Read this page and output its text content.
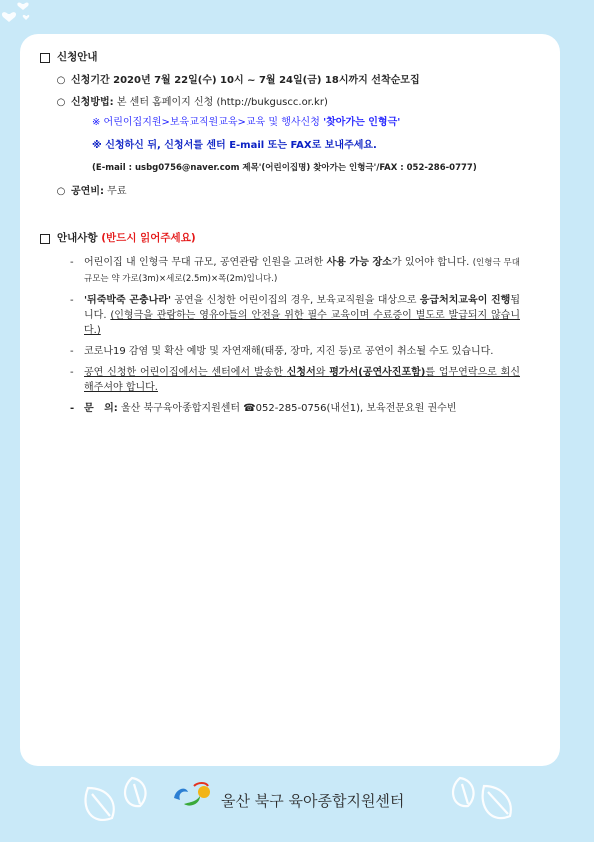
신청안내
○ 신청기간 2020년 7월 22일(수) 10시 ~ 7월 24일(금) 18시까지 선착순모집
○ 신청방법: 본 센터 홈페이지 신청 (http://bukguscc.or.kr)
※ 어린이집지원>보육교직원교육>교육 및 행사신청 '찾아가는 인형극'
※ 신청하신 뒤, 신청서를 센터 E-mail 또는 FAX로 보내주세요.
(E-mail : usbg0756@naver.com 제목'(어린이집명) 찾아가는 인형극'/FAX : 052-286-0777)
○ 공연비: 무료
안내사항
(반드시 읽어주세요)
-	어린이집 내 인형극 무대 규모, 공연관람 인원을 고려한 사용 가능 장소가 있어야 합니다. (인형극 무대 규모는 약 가로(3m)×세로(2.5m)×폭(2m)입니다.)
-	'뒤죽박죽 곤충나라' 공연을 신청한 어린이집의 경우, 보육교직원을 대상으로 응급처치교육이 진행됩니다. (인형극을 관람하는 영유아들의 안전을 위한 필수 교육이며 수료증이 별도로 발급되지 않습니다.)
-	코로나19 감염 및 확산 예방 및 자연재해(태풍, 장마, 지진 등)로 공연이 취소될 수도 있습니다.
-	공연 신청한 어린이집에서는 센터에서 발송한 신청서와 평가서(공연사진포함)를 업무연락으로 회신해주셔야 합니다.
- 문   의: 울산 북구육아종합지원센터 ☎052-285-0756(내선1), 보육전문요원 권수빈
울산 북구 육아종합지원센터
